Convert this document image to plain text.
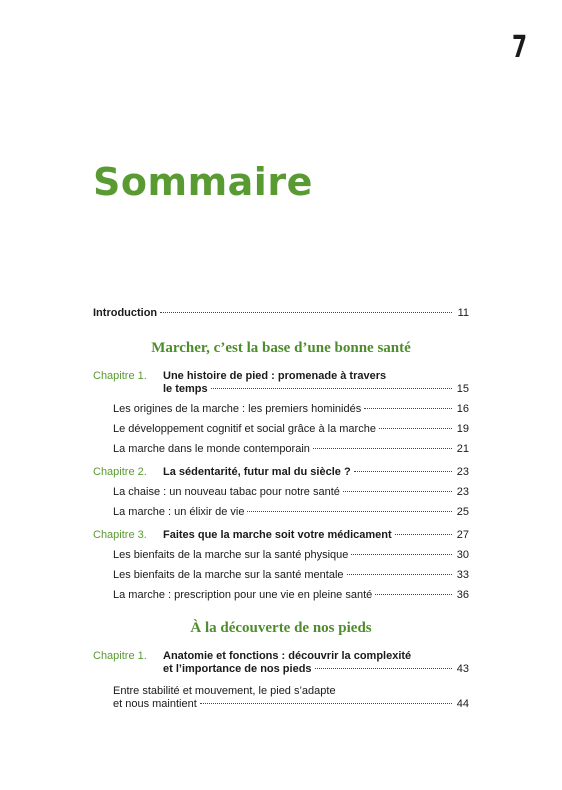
7
Sommaire
Introduction	11
Marcher, c’est la base d’une bonne santé
Chapitre 1.	Une histoire de pied : promenade à travers
le temps	15
Les origines de la marche : les premiers hominidés	16
Le développement cognitif et social grâce à la marche	19
La marche dans le monde contemporain	21
Chapitre 2.	La sédentarité, futur mal du siècle ?	23
La chaise : un nouveau tabac pour notre santé	23
La marche : un élixir de vie	25
Chapitre 3.	Faites que la marche soit votre médicament	27
Les bienfaits de la marche sur la santé physique	30
Les bienfaits de la marche sur la santé mentale	33
La marche : prescription pour une vie en pleine santé	36
À la découverte de nos pieds
Chapitre 1.	Anatomie et fonctions : découvrir la complexité
et l’importance de nos pieds	43
Entre stabilité et mouvement, le pied s’adapte
et nous maintient	44
